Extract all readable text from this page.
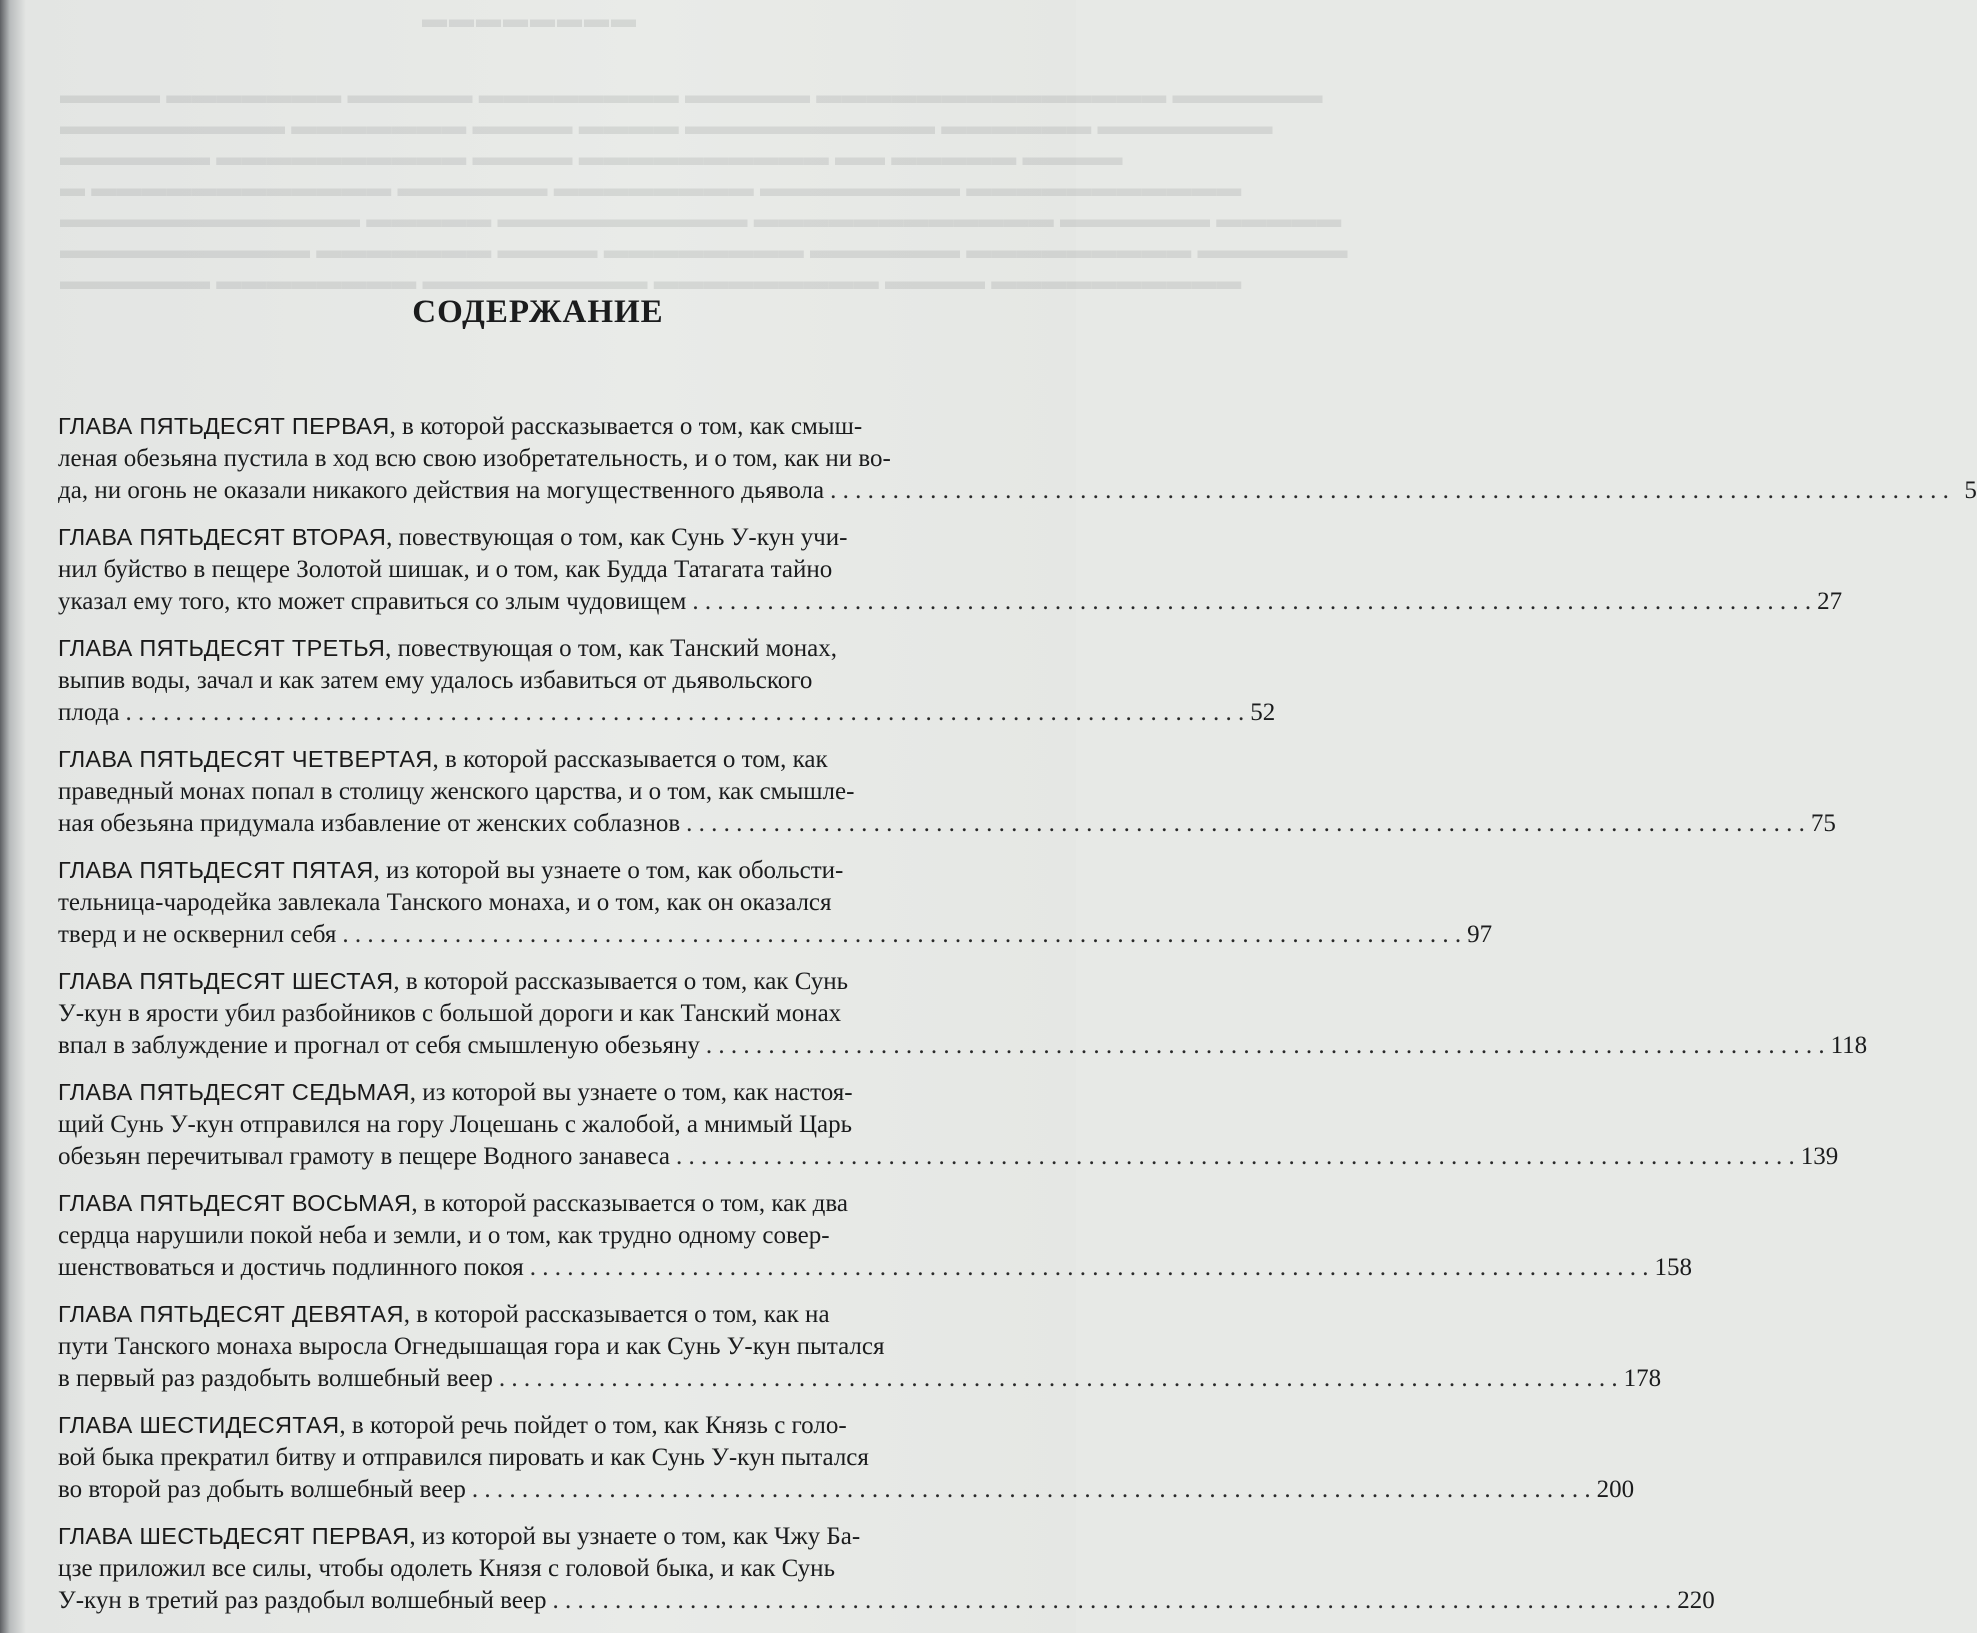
▬▬▬▬▬▬▬▬
▬▬▬▬ ▬▬▬▬▬▬▬ ▬▬▬▬▬ ▬▬▬▬▬▬▬▬ ▬▬▬▬▬ ▬▬▬▬▬▬▬▬▬▬▬▬▬▬ ▬▬▬▬▬▬
▬▬▬▬▬▬▬▬▬ ▬▬▬▬▬▬▬ ▬▬▬▬ ▬▬▬▬ ▬▬▬▬▬▬▬▬▬▬ ▬▬▬▬▬▬ ▬▬▬▬▬▬▬
▬▬▬▬▬▬ ▬▬▬▬▬▬▬▬▬▬ ▬▬▬▬ ▬▬▬▬▬▬▬▬▬▬ ▬▬ ▬▬▬▬▬ ▬▬▬▬
▬ ▬▬▬▬▬▬▬▬▬▬▬▬ ▬▬▬▬▬▬ ▬▬▬▬▬▬▬▬ ▬▬▬▬▬▬▬▬ ▬▬▬▬▬▬▬▬▬▬▬
▬▬▬▬▬▬▬▬▬▬▬▬ ▬▬▬▬▬ ▬▬▬▬▬▬▬▬▬▬ ▬▬▬▬▬▬▬▬▬▬▬▬ ▬▬▬▬▬▬ ▬▬▬▬▬
▬▬▬▬▬▬▬▬▬▬ ▬▬▬▬▬▬▬ ▬▬▬▬ ▬▬▬▬▬▬▬▬ ▬▬▬▬▬▬ ▬▬▬▬▬▬▬▬▬ ▬▬▬▬▬▬
▬▬▬▬▬▬ ▬▬▬▬▬▬▬▬ ▬▬▬▬▬▬▬▬▬ ▬▬▬▬▬▬▬▬▬ ▬▬▬▬ ▬▬▬▬▬▬▬▬▬▬
СОДЕРЖАНИЕ
ГЛАВА ПЯТЬДЕСЯТ ПЕРВАЯ, в которой рассказывается о том, как смыш-
леная обезьяна пустила в ход всю свою изобретательность, и о том, как ни во-
да, ни огонь не оказали никакого действия на могущественного дьявола . . .	5
ГЛАВА ПЯТЬДЕСЯТ ВТОРАЯ, повествующая о том, как Сунь У-кун учи-
нил буйство в пещере Золотой шишак, и о том, как Будда Татагата тайно
указал ему того, кто может справиться со злым чудовищем . . .	27
ГЛАВА ПЯТЬДЕСЯТ ТРЕТЬЯ, повествующая о том, как Танский монах,
выпив воды, зачал и как затем ему удалось избавиться от дьявольского
плода . . .	52
ГЛАВА ПЯТЬДЕСЯТ ЧЕТВЕРТАЯ, в которой рассказывается о том, как
праведный монах попал в столицу женского царства, и о том, как смышле-
ная обезьяна придумала избавление от женских соблазнов . . .	75
ГЛАВА ПЯТЬДЕСЯТ ПЯТАЯ, из которой вы узнаете о том, как обольсти-
тельница-чародейка завлекала Танского монаха, и о том, как он оказался
тверд и не осквернил себя . . .	97
ГЛАВА ПЯТЬДЕСЯТ ШЕСТАЯ, в которой рассказывается о том, как Сунь
У-кун в ярости убил разбойников с большой дороги и как Танский монах
впал в заблуждение и прогнал от себя смышленую обезьяну . . .	118
ГЛАВА ПЯТЬДЕСЯТ СЕДЬМАЯ, из которой вы узнаете о том, как настоя-
щий Сунь У-кун отправился на гору Лоцешань с жалобой, а мнимый Царь
обезьян перечитывал грамоту в пещере Водного занавеса . . .	139
ГЛАВА ПЯТЬДЕСЯТ ВОСЬМАЯ, в которой рассказывается о том, как два
сердца нарушили покой неба и земли, и о том, как трудно одному совер-
шенствоваться и достичь подлинного покоя . . .	158
ГЛАВА ПЯТЬДЕСЯТ ДЕВЯТАЯ, в которой рассказывается о том, как на
пути Танского монаха выросла Огнедышащая гора и как Сунь У-кун пытался
в первый раз раздобыть волшебный веер . . .	178
ГЛАВА ШЕСТИДЕСЯТАЯ, в которой речь пойдет о том, как Князь с голо-
вой быка прекратил битву и отправился пировать и как Сунь У-кун пытался
во второй раз добыть волшебный веер . . .	200
ГЛАВА ШЕСТЬДЕСЯТ ПЕРВАЯ, из которой вы узнаете о том, как Чжу Ба-
цзе приложил все силы, чтобы одолеть Князя с головой быка, и как Сунь
У-кун в третий раз раздобыл волшебный веер . . .	220
